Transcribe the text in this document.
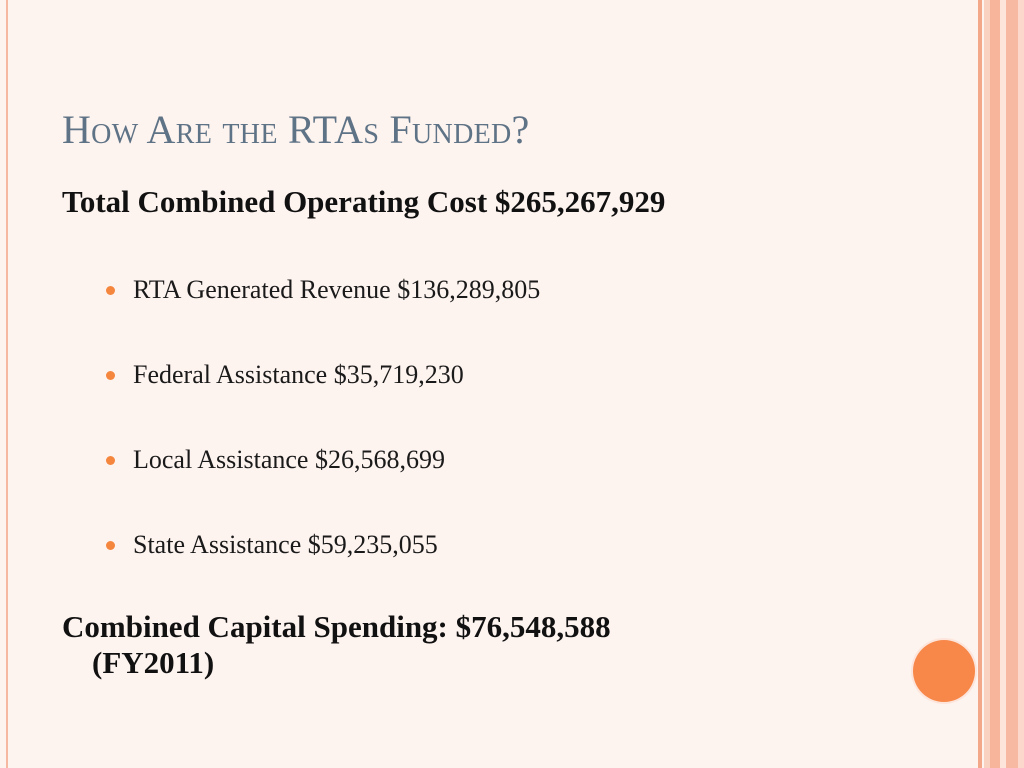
How Are the RTAs Funded?

Total Combined Operating Cost $265,267,929

RTA Generated Revenue $136,289,805

Federal Assistance $35,719,230

Local Assistance $26,568,699

State Assistance $59,235,055

Combined Capital Spending: $76,548,588
(FY2011)
